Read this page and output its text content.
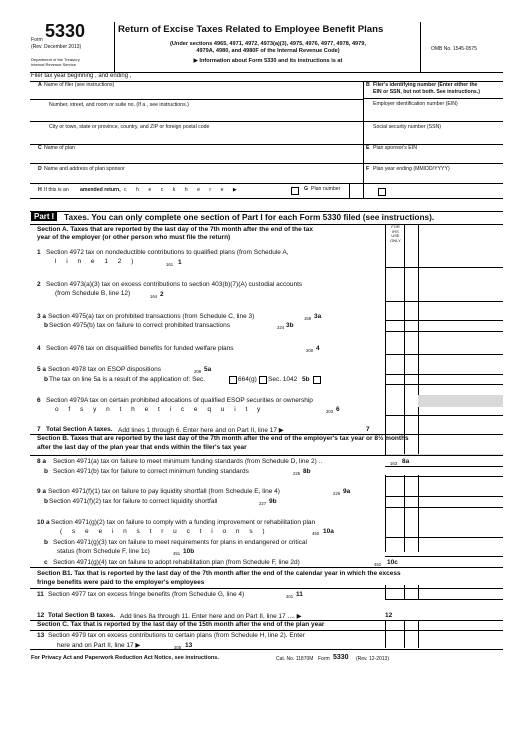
Form 5330
(Rev. December 2013)
Department of the Treasury
Internal Revenue Service
Return of Excise Taxes Related to Employee Benefit Plans
(Under sections 4965, 4971, 4972, 4973(a)(3), 4975, 4976, 4977, 4978, 4979,
4979A, 4980, and 4980F of the Internal Revenue Code)
▶ Information about Form 5330 and its instructions is at
OMB No. 1545-0575
Filer tax year beginning , and ending ,
A Name of filer (see instructions)	B Filer's identifying number (Enter either the
EIN or SSN, but not both. See instructions.)
Number, street, and room or suite no. (If a , see instructions.)	Employer identification number (EIN)
City or town, state or province, country, and ZIP or foreign postal code	Social security number (SSN)
C Name of plan	E Plan sponsor's EIN
D Name and address of plan sponsor	F Plan year ending (MM/DD/YYYY)
H If this is an amended return, c h e c k h e r e ▶	G Plan number
Part I	Taxes. You can only complete one section of Part I for each Form 5330 filed (see instructions).
FOR IRS USE ONLY
Section A. Taxes that are reported by the last day of the 7th month after the end of the tax
year of the employer (or other person who must file the return)
1 Section 4972 tax on nondeductible contributions to qualified plans (from Schedule A,
l i n e 1 2 )	161 1
2 Section 4973(a)(3) tax on excess contributions to section 403(b)(7)(A) custodial accounts
(from Schedule B, line 12)	164 2
3 a Section 4975(a) tax on prohibited transactions (from Schedule C, line 3)	159 3a
b Section 4975(b) tax on failure to correct prohibited transactions	224 3b
4 Section 4976 tax on disqualified benefits for funded welfare plans	200 4
5 a Section 4978 tax on ESOP dispositions	209 5a
b The tax on line 5a is a result of the application of: Sec.	664(g) Sec. 1042 5b
6 Section 4979A tax on certain prohibited allocations of qualified ESOP securities or ownership
o f s y n t h e t i c e q u i t y	203 6
7 Total Section A taxes. Add lines 1 through 6. Enter here and on Part II, line 17 ▶	7
Section B. Taxes that are reported by the last day of the 7th month after the end of the employer's tax year or 8½ months
after the last day of the plan year that ends within the filer's tax year
8 a Section 4971(a) tax on failure to meet minimum funding standards (from Schedule D, line 2) ..	163 8a
b Section 4971(b) tax for failure to correct minimum funding standards	225 8b
9 a Section 4971(f)(1) tax on failure to pay liquidity shortfall (from Schedule E, line 4)	226 9a
b Section 4971(f)(2) tax for failure to correct liquidity shortfall	227 9b
10 a Section 4971(g)(2) tax on failure to comply with a funding improvement or rehabilitation plan
( s e e i n s t r u c t i o n s )	450 10a
b Section 4971(g)(3) tax on failure to meet requirements for plans in endangered or critical
status (from Schedule F, line 1c)	451 10b
c Section 4971(g)(4) tax on failure to adopt rehabilitation plan (from Schedule F, line 2d)	452 10c
Section B1. Tax that is reported by the last day of the 7th month after the end of the calendar year in which the excess
fringe benefits were paid to the employer's employees
11 Section 4977 tax on excess fringe benefits (from Schedule G, line 4)	201 11
12 Total Section B taxes. Add lines 8a through 11. Enter here and on Part II, line 17 .... ▶	12
Section C. Tax that is reported by the last day of the 15th month after the end of the plan year
13 Section 4979 tax on excess contributions to certain plans (from Schedule H, line 2). Enter
here and on Part II, line 17 ▶	205 13
For Privacy Act and Paperwork Reduction Act Notice, see instructions.	Cat. No. 11870M Form 5330 (Rev. 12-2013)
